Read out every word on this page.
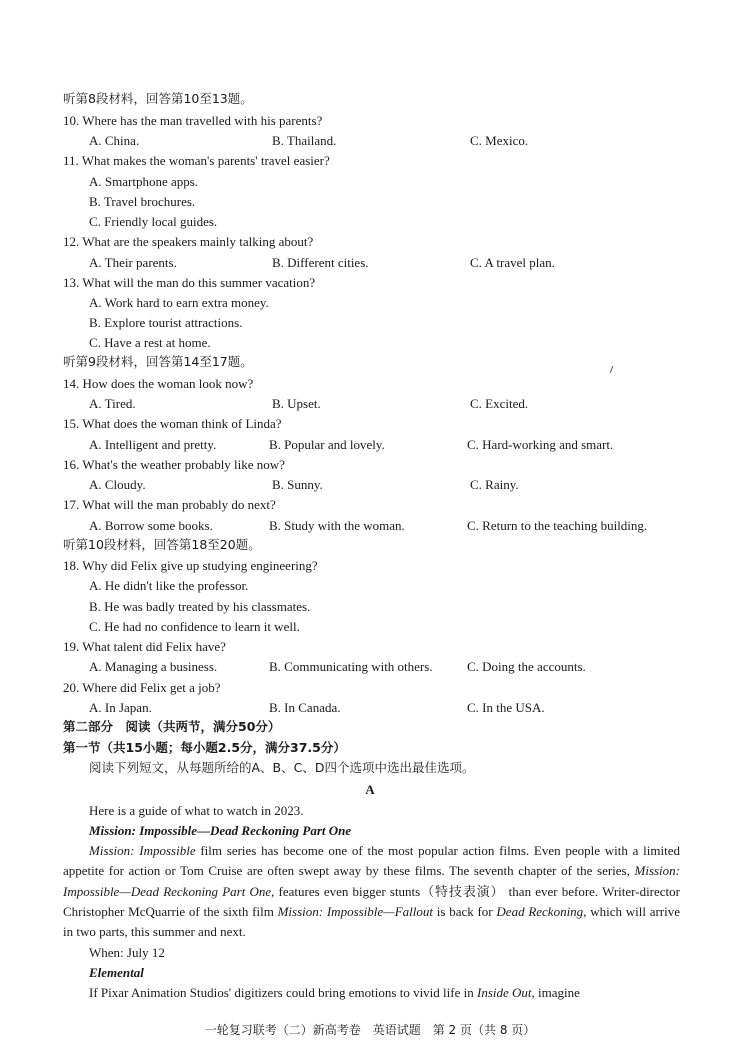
听第8段材料，回答第10至13题。
10. Where has the man travelled with his parents?
A. China.	B. Thailand.	C. Mexico.
11. What makes the woman's parents' travel easier?
A. Smartphone apps.
B. Travel brochures.
C. Friendly local guides.
12. What are the speakers mainly talking about?
A. Their parents.	B. Different cities.	C. A travel plan.
13. What will the man do this summer vacation?
A. Work hard to earn extra money.
B. Explore tourist attractions.
C. Have a rest at home.
听第9段材料，回答第14至17题。
14. How does the woman look now?
A. Tired.	B. Upset.	C. Excited.
15. What does the woman think of Linda?
A. Intelligent and pretty.	B. Popular and lovely.	C. Hard-working and smart.
16. What's the weather probably like now?
A. Cloudy.	B. Sunny.	C. Rainy.
17. What will the man probably do next?
A. Borrow some books.	B. Study with the woman.	C. Return to the teaching building.
听第10段材料，回答第18至20题。
18. Why did Felix give up studying engineering?
A. He didn't like the professor.
B. He was badly treated by his classmates.
C. He had no confidence to learn it well.
19. What talent did Felix have?
A. Managing a business.	B. Communicating with others.	C. Doing the accounts.
20. Where did Felix get a job?
A. In Japan.	B. In Canada.	C. In the USA.
第二部分　阅读（共两节，满分50分）
第一节（共15小题；每小题2.5分，满分37.5分）
阅读下列短文，从每题所给的A、B、C、D四个选项中选出最佳选项。
A
Here is a guide of what to watch in 2023.
Mission: Impossible—Dead Reckoning Part One
Mission: Impossible film series has become one of the most popular action films. Even people with a limited appetite for action or Tom Cruise are often swept away by these films. The seventh chapter of the series, Mission: Impossible—Dead Reckoning Part One, features even bigger stunts（特技表演） than ever before. Writer-director Christopher McQuarrie of the sixth film Mission: Impossible—Fallout is back for Dead Reckoning, which will arrive in two parts, this summer and next.
When: July 12
Elemental
If Pixar Animation Studios' digitizers could bring emotions to vivid life in Inside Out, imagine
一轮复习联考（二）新高考卷　英语试题　第 2 页（共 8 页）
